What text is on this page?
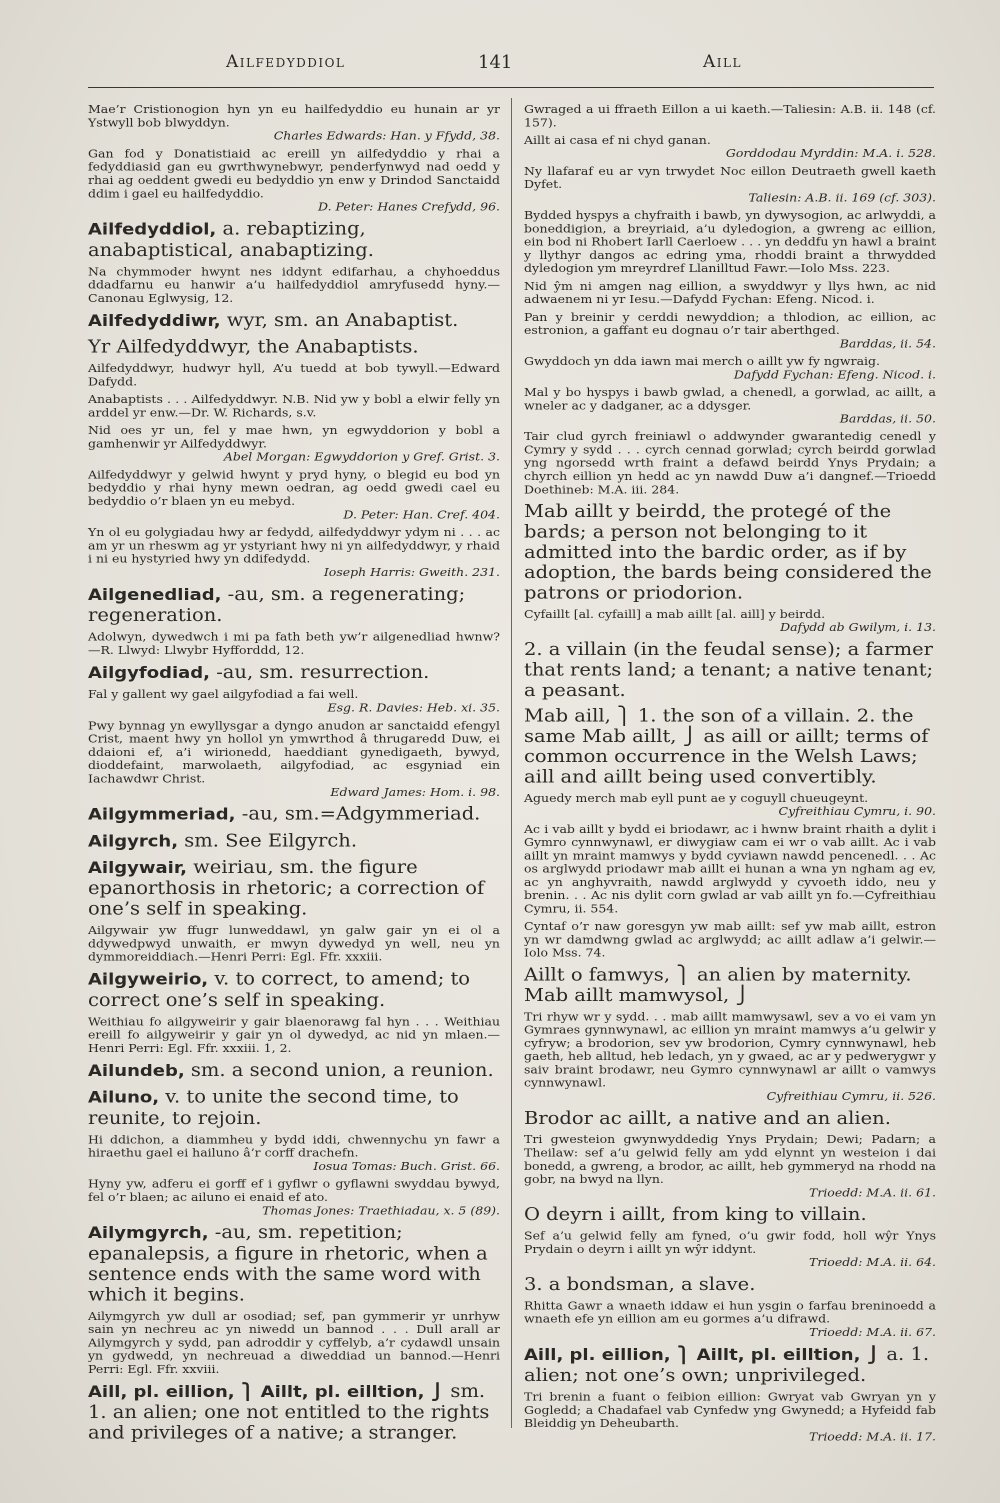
Ailfedyddiol	141	Aill
Mae’r Cristionogion hyn yn eu hailfedyddio eu hunain ar yr Ystwyll bob blwyddyn.
Charles Edwards: Han. y Ffydd, 38.
Gan fod y Donatistiaid ac ereill yn ailfedyddio y rhai a fedyddiasid gan eu gwrthwynebwyr, penderfynwyd nad oedd y rhai ag oeddent gwedi eu bedyddio yn enw y Drindod Sanctaidd ddim i gael eu hailfedyddio.
D. Peter: Hanes Crefydd, 96.
Ailfedyddiol, a. rebaptizing, anabaptistical, anabaptizing.
Na chymmoder hwynt nes iddynt edifarhau, a chyhoeddus ddadfarnu eu hanwir a’u hailfedyddiol amryfusedd hyny.—Canonau Eglwysig, 12.
Ailfedyddiwr, wyr, sm. an Anabaptist.
Yr Ailfedyddwyr, the Anabaptists.
Ailfedyddwyr, hudwyr hyll, A’u tuedd at bob tywyll.—Edward Dafydd.
Anabaptists . . . Ailfedyddwyr. N.B. Nid yw y bobl a elwir felly yn arddel yr enw.—Dr. W. Richards, s.v.
Nid oes yr un, fel y mae hwn, yn egwyddorion y bobl a gamhenwir yr Ailfedyddwyr.
Abel Morgan: Egwyddorion y Gref. Grist. 3.
Ailfedyddwyr y gelwid hwynt y pryd hyny, o blegid eu bod yn bedyddio y rhai hyny mewn oedran, ag oedd gwedi cael eu bedyddio o’r blaen yn eu mebyd.
D. Peter: Han. Cref. 404.
Yn ol eu golygiadau hwy ar fedydd, ailfedyddwyr ydym ni . . . ac am yr un rheswm ag yr ystyriant hwy ni yn ailfedyddwyr, y rhaid i ni eu hystyried hwy yn ddifedydd.
Ioseph Harris: Gweith. 231.
Ailgenedliad, -au, sm. a regenerating; regeneration.
Adolwyn, dywedwch i mi pa fath beth yw’r ailgenedliad hwnw?—R. Llwyd: Llwybr Hyfforddd, 12.
Ailgyfodiad, -au, sm. resurrection.
Fal y gallent wy gael ailgyfodiad a fai well.
Esg. R. Davies: Heb. xi. 35.
Pwy bynnag yn ewyllysgar a dyngo anudon ar sanctaidd efengyl Crist, maent hwy yn hollol yn ymwrthod â thrugaredd Duw, ei ddaioni ef, a’i wirionedd, haeddiant gynedigaeth, bywyd, dioddefaint, marwolaeth, ailgyfodiad, ac esgyniad ein Iachawdwr Christ.
Edward James: Hom. i. 98.
Ailgymmeriad, -au, sm.=Adgymmeriad.
Ailgyrch, sm. See Eilgyrch.
Ailgywair, weiriau, sm. the figure epanorthosis in rhetoric; a correction of one’s self in speaking.
Ailgywair yw ffugr lunweddawl, yn galw gair yn ei ol a ddywedpwyd unwaith, er mwyn dywedyd yn well, neu yn dymmoreiddiach.—Henri Perri: Egl. Ffr. xxxiii.
Ailgyweirio, v. to correct, to amend; to correct one’s self in speaking.
Weithiau fo ailgyweirir y gair blaenorawg fal hyn . . . Weithiau ereill fo ailgyweirir y gair yn ol dywedyd, ac nid yn mlaen.—Henri Perri: Egl. Ffr. xxxiii. 1, 2.
Ailundeb, sm. a second union, a reunion.
Ailuno, v. to unite the second time, to reunite, to rejoin.
Hi ddichon, a diammheu y bydd iddi, chwennychu yn fawr a hiraethu gael ei hailuno â’r corff drachefn.
Iosua Tomas: Buch. Grist. 66.
Hyny yw, adferu ei gorff ef i gyflwr o gyflawni swyddau bywyd, fel o’r blaen; ac ailuno ei enaid ef ato.
Thomas Jones: Traethiadau, x. 5 (89).
Ailymgyrch, -au, sm. repetition; epanalepsis, a figure in rhetoric, when a sentence ends with the same word with which it begins.
Ailymgyrch yw dull ar osodiad; sef, pan gymmerir yr unrhyw sain yn nechreu ac yn niwedd un bannod . . . Dull arall ar Ailymgyrch y sydd, pan adroddir y cyffelyb, a’r cydawdl unsain yn gydwedd, yn nechreuad a diweddiad un bannod.—Henri Perri: Egl. Ffr. xxviii.
Aill, pl. eillion, ⎫ Aillt, pl. eilltion, ⎭ sm. 1. an alien; one not entitled to the rights and privileges of a native; a stranger.
Gwraged a ui ffraeth Eillon a ui kaeth.—Taliesin: A.B. ii. 148 (cf. 157).
Aillt ai casa ef ni chyd ganan.
Gorddodau Myrddin: M.A. i. 528.
Ny llafaraf eu ar vyn trwydet Noc eillon Deutraeth gwell kaeth Dyfet.
Taliesin: A.B. ii. 169 (cf. 303).
Bydded hyspys a chyfraith i bawb, yn dywysogion, ac arlwyddi, a boneddigion, a breyriaid, a’u dyledogion, a gwreng ac eillion, ein bod ni Rhobert Iarll Caerloew . . . yn deddfu yn hawl a braint y llythyr dangos ac edring yma, rhoddi braint a thrwydded dyledogion ym mreyrdref Llanilltud Fawr.—Iolo Mss. 223.
Nid ŷm ni amgen nag eillion, a swyddwyr y llys hwn, ac nid adwaenem ni yr Iesu.—Dafydd Fychan: Efeng. Nicod. i.
Pan y breinir y cerddi newyddion; a thlodion, ac eillion, ac estronion, a gaffant eu dognau o’r tair aberthged.
Barddas, ii. 54.
Gwyddoch yn dda iawn mai merch o aillt yw fy ngwraig.
Dafydd Fychan: Efeng. Nicod. i.
Mal y bo hyspys i bawb gwlad, a chenedl, a gorwlad, ac aillt, a wneler ac y dadganer, ac a ddysger.
Barddas, ii. 50.
Tair clud gyrch freiniawl o addwynder gwarantedig cenedl y Cymry y sydd . . . cyrch cennad gorwlad; cyrch beirdd gorwlad yng ngorsedd wrth fraint a defawd beirdd Ynys Prydain; a chyrch eillion yn hedd ac yn nawdd Duw a’i dangnef.—Trioedd Doethineb: M.A. iii. 284.
Mab aillt y beirdd, the protegé of the bards; a person not belonging to it admitted into the bardic order, as if by adoption, the bards being considered the patrons or priodorion.
Cyfaillt [al. cyfaill] a mab aillt [al. aill] y beirdd.
Dafydd ab Gwilym, i. 13.
2. a villain (in the feudal sense); a farmer that rents land; a tenant; a native tenant; a peasant.
Mab aill, ⎫ 1. the son of a villain. 2. the same Mab aillt, ⎭ as aill or aillt; terms of common occurrence in the Welsh Laws; aill and aillt being used convertibly.
Aguedy merch mab eyll punt ae y coguyll chueugeynt.
Cyfreithiau Cymru, i. 90.
Ac i vab aillt y bydd ei briodawr, ac i hwnw braint rhaith a dylit i Gymro cynnwynawl, er diwygiaw cam ei wr o vab aillt. Ac i vab aillt yn mraint mamwys y bydd cyviawn nawdd pencenedl. . . Ac os arglwydd priodawr mab aillt ei hunan a wna yn ngham ag ev, ac yn anghyvraith, nawdd arglwydd y cyvoeth iddo, neu y brenin. . . Ac nis dylit corn gwlad ar vab aillt yn fo.—Cyfreithiau Cymru, ii. 554.
Cyntaf o’r naw goresgyn yw mab aillt: sef yw mab aillt, estron yn wr damdwng gwlad ac arglwydd; ac aillt adlaw a’i gelwir.—Iolo Mss. 74.
Aillt o famwys, ⎫ an alien by maternity. Mab aillt mamwysol, ⎭
Tri rhyw wr y sydd. . . mab aillt mamwysawl, sev a vo ei vam yn Gymraes gynnwynawl, ac eillion yn mraint mamwys a’u gelwir y cyfryw; a brodorion, sev yw brodorion, Cymry cynnwynawl, heb gaeth, heb alltud, heb ledach, yn y gwaed, ac ar y pedwerygwr y saiv braint brodawr, neu Gymro cynnwynawl ar aillt o vamwys cynnwynawl.
Cyfreithiau Cymru, ii. 526.
Brodor ac aillt, a native and an alien.
Tri gwesteion gwynwyddedig Ynys Prydain; Dewi; Padarn; a Theilaw: sef a’u gelwid felly am ydd elynnt yn westeion i dai bonedd, a gwreng, a brodor, ac aillt, heb gymmeryd na rhodd na gobr, na bwyd na llyn.
Trioedd: M.A. ii. 61.
O deyrn i aillt, from king to villain.
Sef a’u gelwid felly am fyned, o’u gwir fodd, holl wŷr Ynys Prydain o deyrn i aillt yn wŷr iddynt.
Trioedd: M.A. ii. 64.
3. a bondsman, a slave.
Rhitta Gawr a wnaeth iddaw ei hun ysgin o farfau breninoedd a wnaeth efe yn eillion am eu gormes a’u difrawd.
Trioedd: M.A. ii. 67.
Aill, pl. eillion, ⎫ Aillt, pl. eilltion, ⎭ a. 1. alien; not one’s own; unprivileged.
Tri brenin a fuant o feibion eillion: Gwryat vab Gwryan yn y Gogledd; a Chadafael vab Cynfedw yng Gwynedd; a Hyfeidd fab Bleiddig yn Deheubarth.
Trioedd: M.A. ii. 17.
